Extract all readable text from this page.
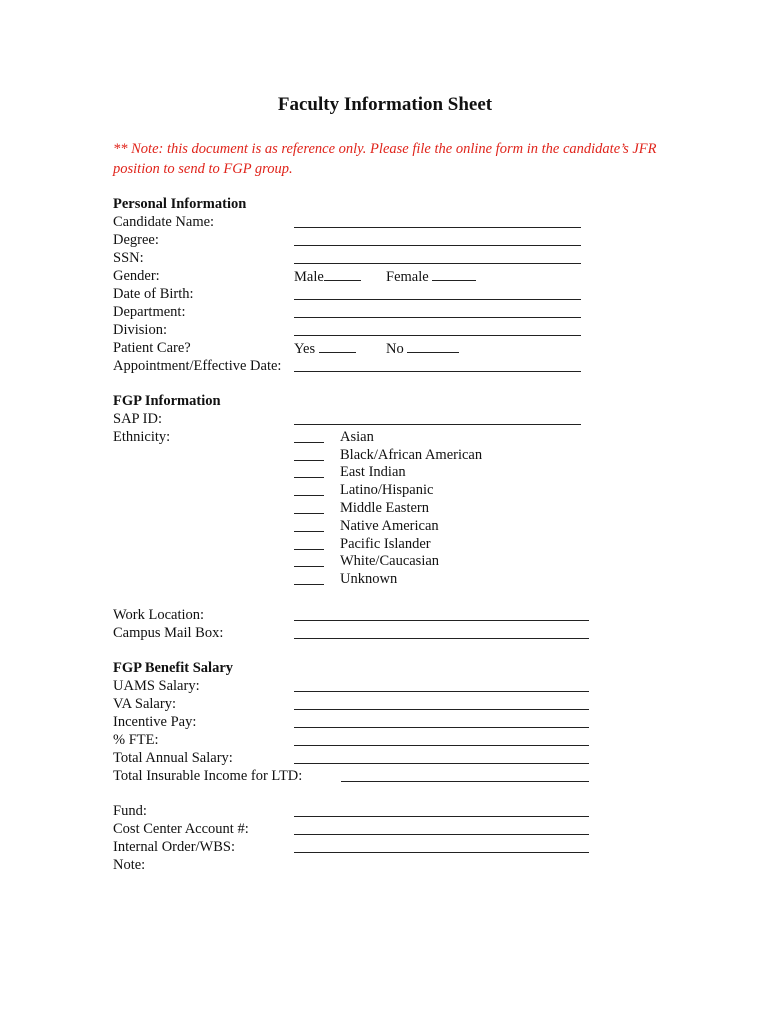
Faculty Information Sheet
** Note: this document is as reference only. Please file the online form in the candidate’s JFR position to send to FGP group.
Personal Information
Candidate Name:
Degree:
SSN:
Gender:	Male	Female
Date of Birth:
Department:
Division:
Patient Care?	Yes	No
Appointment/Effective Date:
FGP Information
SAP ID:
Ethnicity:	Asian
Black/African American
East Indian
Latino/Hispanic
Middle Eastern
Native American
Pacific Islander
White/Caucasian
Unknown
Work Location:
Campus Mail Box:
FGP Benefit Salary
UAMS Salary:
VA Salary:
Incentive Pay:
% FTE:
Total Annual Salary:
Total Insurable Income for LTD:
Fund:
Cost Center Account #:
Internal Order/WBS:
Note:
